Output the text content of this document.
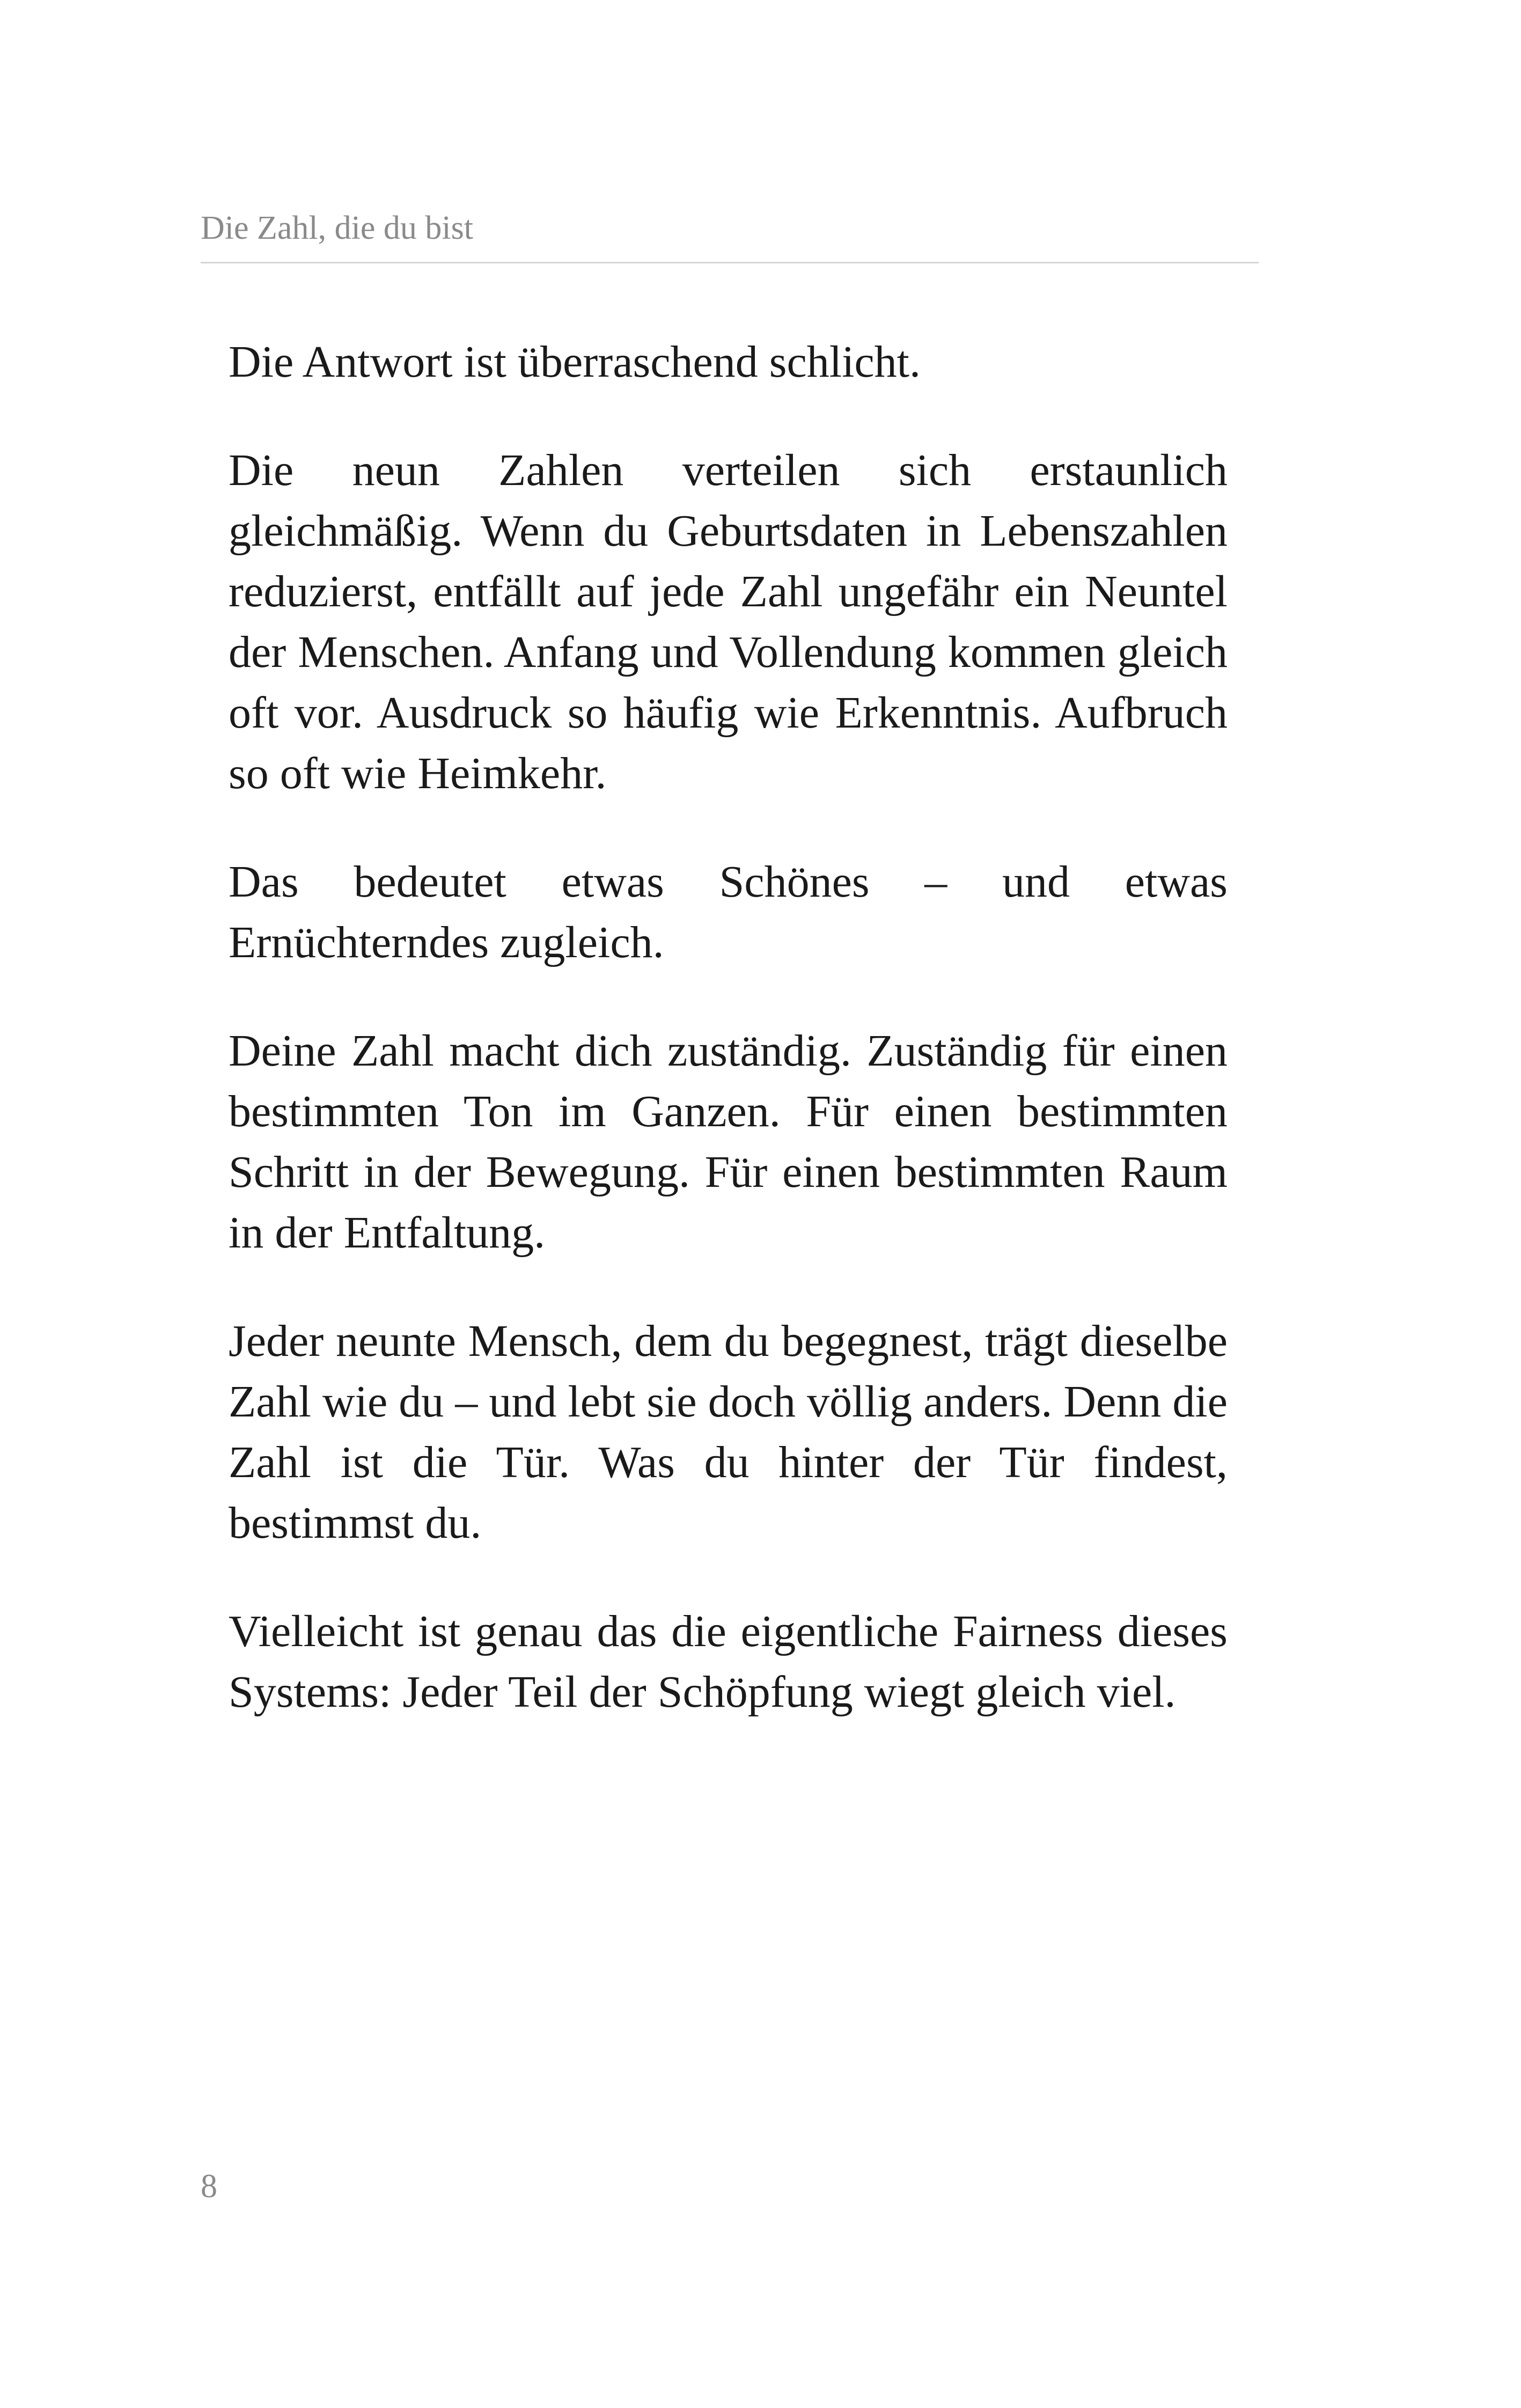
Die Zahl, die du bist

Die Antwort ist überraschend schlicht.

Die neun Zahlen verteilen sich erstaunlich gleichmäßig. Wenn du Geburtsdaten in Lebenszahlen reduzierst, entfällt auf jede Zahl ungefähr ein Neuntel der Menschen. Anfang und Vollendung kommen gleich oft vor. Ausdruck so häufig wie Erkenntnis. Aufbruch so oft wie Heimkehr.

Das bedeutet etwas Schönes – und etwas Ernüchterndes zugleich.

Deine Zahl macht dich zuständig. Zuständig für einen bestimmten Ton im Ganzen. Für einen bestimmten Schritt in der Bewegung. Für einen bestimmten Raum in der Entfaltung.

Jeder neunte Mensch, dem du begegnest, trägt dieselbe Zahl wie du – und lebt sie doch völlig anders. Denn die Zahl ist die Tür. Was du hinter der Tür findest, bestimmst du.

Vielleicht ist genau das die eigentliche Fairness dieses Systems: Jeder Teil der Schöpfung wiegt gleich viel.

8
